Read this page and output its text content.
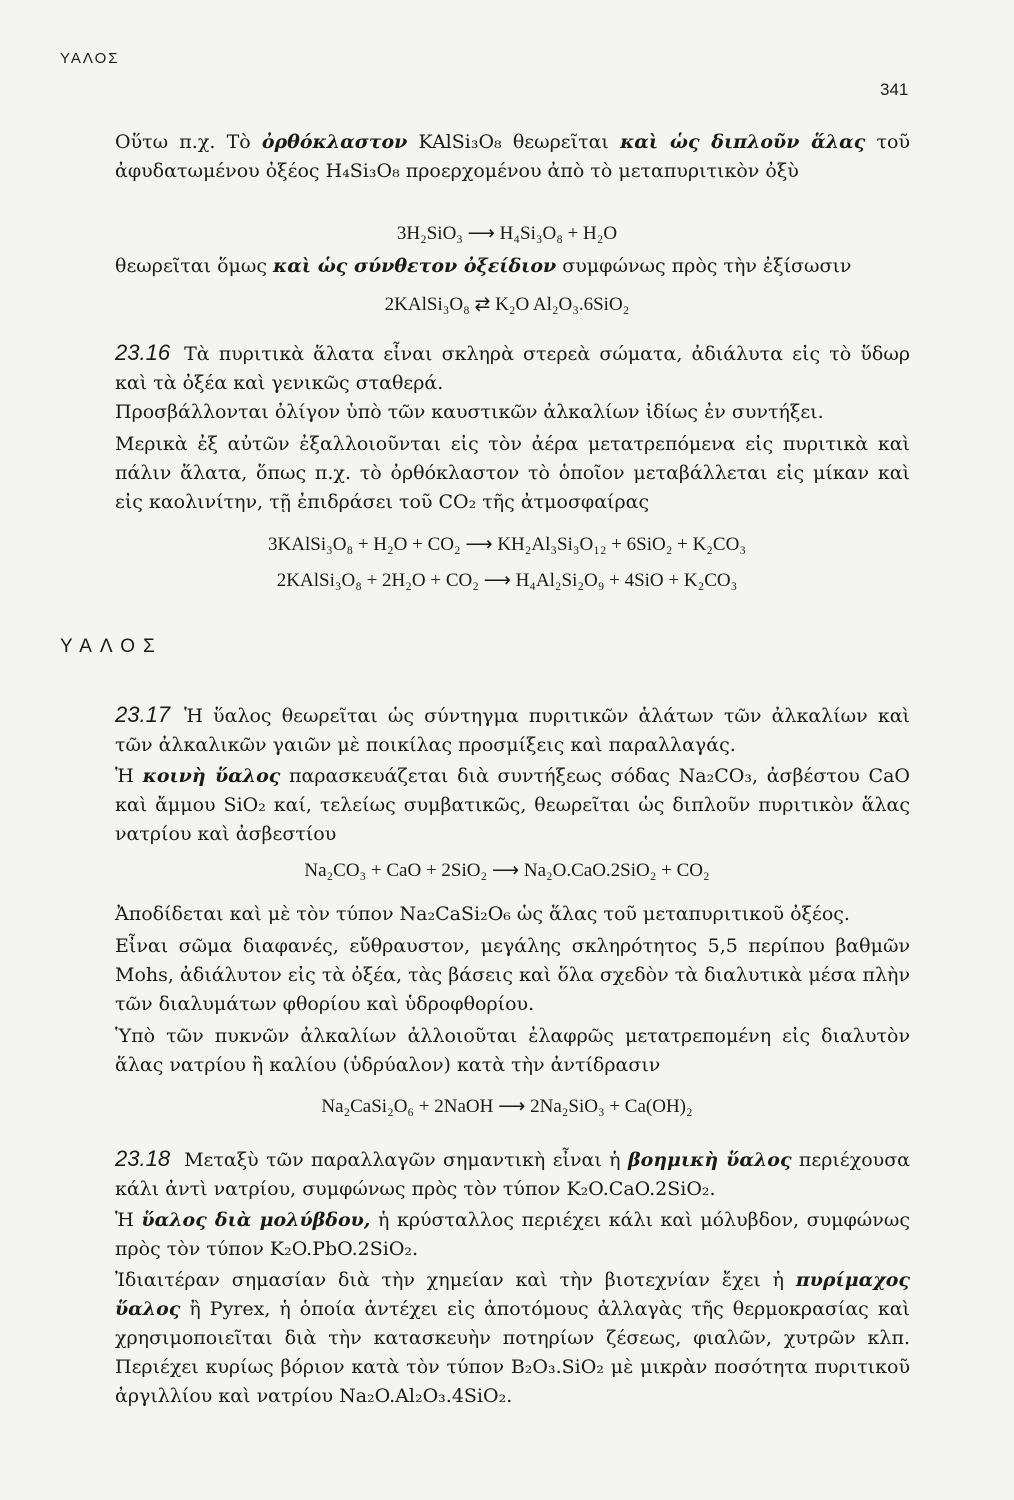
ΥΑΛΟΣ
341

Οὕτω π.χ. Τὸ ὀρθόκλαστον KAlSi₃O₈ θεωρεῖται καὶ ὡς διπλοῦν ἅλας τοῦ ἀφυδατωμένου ὀξέος H₄Si₃O₈ προερχομένου ἀπὸ τὸ μεταπυριτικὸν ὀξὺ

3H₂SiO₃ ⟶ H₄Si₃O₈ + H₂O

θεωρεῖται ὅμως καὶ ὡς σύνθετον ὀξείδιον συμφώνως πρὸς τὴν ἐξίσωσιν

2KAlSi₃O₈ ⇄ K₂O Al₂O₃.6SiO₂

23.16 Τὰ πυριτικὰ ἅλατα εἶναι σκληρὰ στερεὰ σώματα, ἀδιάλυτα εἰς τὸ ὕδωρ καὶ τὰ ὀξέα καὶ γενικῶς σταθερά.

Προσβάλλονται ὀλίγον ὑπὸ τῶν καυστικῶν ἀλκαλίων ἰδίως ἐν συντήξει.

Μερικὰ ἐξ αὐτῶν ἐξαλλοιοῦνται εἰς τὸν ἀέρα μετατρεπόμενα εἰς πυριτικὰ καὶ πάλιν ἅλατα, ὅπως π.χ. τὸ ὀρθόκλαστον τὸ ὁποῖον μεταβάλλεται εἰς μίκαν καὶ εἰς καολινίτην, τῇ ἐπιδράσει τοῦ CO₂ τῆς ἀτμοσφαίρας

3KAlSi₃O₈ + H₂O + CO₂ ⟶ KH₂Al₃Si₃O₁₂ + 6SiO₂ + K₂CO₃
2KAlSi₃O₈ + 2H₂O + CO₂ ⟶ H₄Al₂Si₂O₉ + 4SiO + K₂CO₃
ΥΑΛΟΣ

23.17 Ἡ ὕαλος θεωρεῖται ὡς σύντηγμα πυριτικῶν ἁλάτων τῶν ἀλκαλίων καὶ τῶν ἀλκαλικῶν γαιῶν μὲ ποικίλας προσμίξεις καὶ παραλλαγάς.

Ἡ κοινὴ ὕαλος παρασκευάζεται διὰ συντήξεως σόδας Na₂CO₃, ἀσβέστου CaO καὶ ἄμμου SiO₂ καί, τελείως συμβατικῶς, θεωρεῖται ὡς διπλοῦν πυριτικὸν ἅλας νατρίου καὶ ἀσβεστίου

Na₂CO₃ + CaO + 2SiO₂ ⟶ Na₂O.CaO.2SiO₂ + CO₂

Ἀποδίδεται καὶ μὲ τὸν τύπον Na₂CaSi₂O₆ ὡς ἅλας τοῦ μεταπυριτικοῦ ὀξέος.

Εἶναι σῶμα διαφανές, εὔθραυστον, μεγάλης σκληρότητος 5,5 περίπου βαθμῶν Mohs, ἀδιάλυτον εἰς τὰ ὀξέα, τὰς βάσεις καὶ ὅλα σχεδὸν τὰ διαλυτικὰ μέσα πλὴν τῶν διαλυμάτων φθορίου καὶ ὑδροφθορίου.

Ὑπὸ τῶν πυκνῶν ἀλκαλίων ἀλλοιοῦται ἐλαφρῶς μετατρεπομένη εἰς διαλυτὸν ἅλας νατρίου ἢ καλίου (ὑδρύαλον) κατὰ τὴν ἀντίδρασιν

Na₂CaSi₂O₆ + 2NaOH ⟶ 2Na₂SiO₃ + Ca(OH)₂

23.18 Μεταξὺ τῶν παραλλαγῶν σημαντικὴ εἶναι ἡ βοημικὴ ὕαλος περιέχουσα κάλι ἀντὶ νατρίου, συμφώνως πρὸς τὸν τύπον K₂O.CaO.2SiO₂.

Ἡ ὕαλος διὰ μολύβδου, ἡ κρύσταλλος περιέχει κάλι καὶ μόλυβδον, συμφώνως πρὸς τὸν τύπον K₂O.PbO.2SiO₂.

Ἰδιαιτέραν σημασίαν διὰ τὴν χημείαν καὶ τὴν βιοτεχνίαν ἔχει ἡ πυρίμαχος ὕαλος ἢ Pyrex, ἡ ὁποία ἀντέχει εἰς ἀποτόμους ἀλλαγὰς τῆς θερμοκρασίας καὶ χρησιμοποιεῖται διὰ τὴν κατασκευὴν ποτηρίων ζέσεως, φιαλῶν, χυτρῶν κλπ. Περιέχει κυρίως βόριον κατὰ τὸν τύπον B₂O₃.SiO₂ μὲ μικρὰν ποσότητα πυριτικοῦ ἀργιλλίου καὶ νατρίου Na₂O.Al₂O₃.4SiO₂.
